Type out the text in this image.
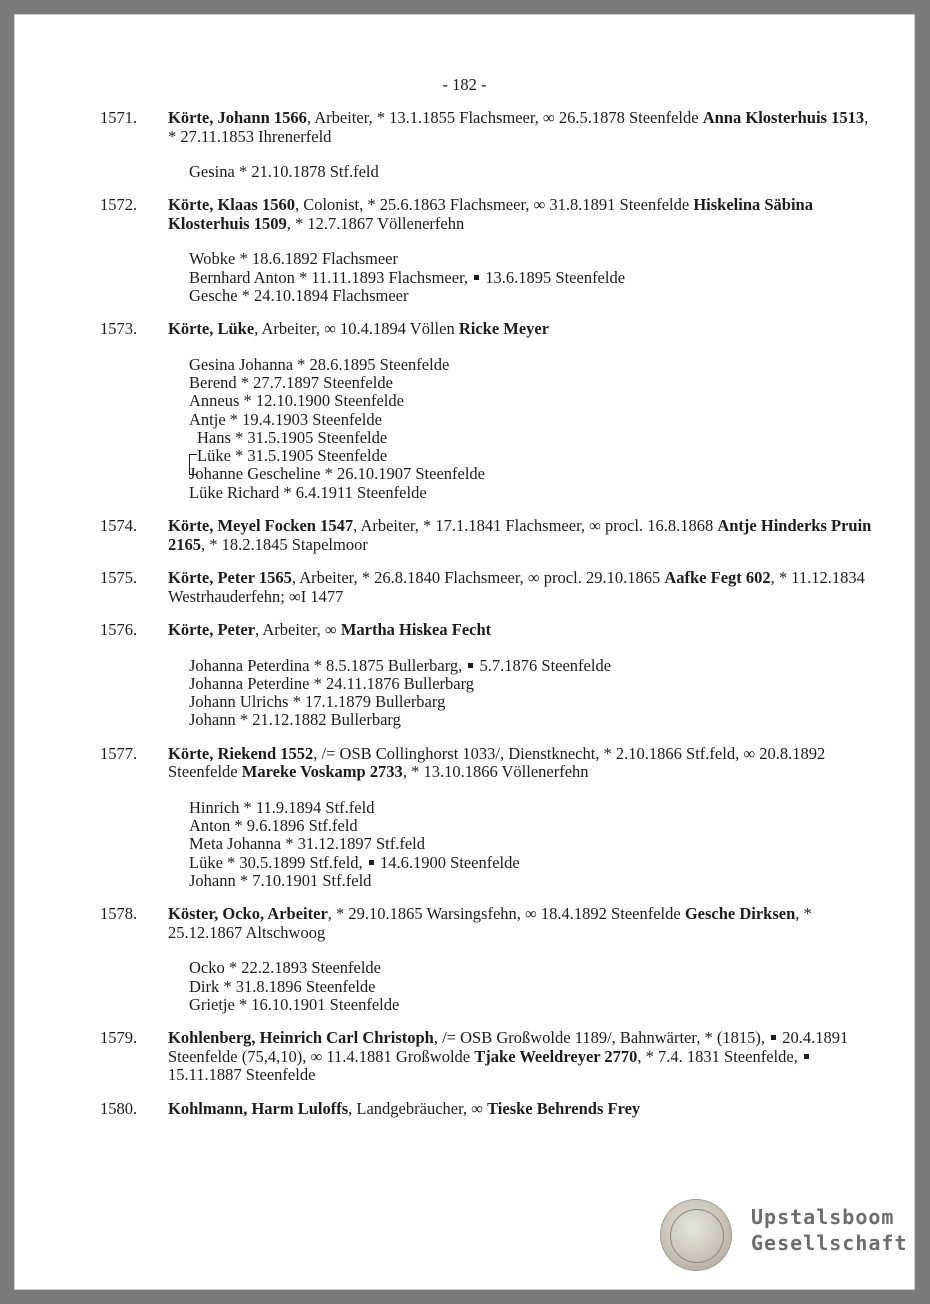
- 182 -
1571.	Körte, Johann 1566, Arbeiter, * 13.1.1855 Flachsmeer, ∞ 26.5.1878 Steenfelde Anna Klosterhuis 1513, * 27.11.1853 Ihrenerfeld
Gesina * 21.10.1878 Stf.feld
1572.	Körte, Klaas 1560, Colonist, * 25.6.1863 Flachsmeer, ∞ 31.8.1891 Steenfelde Hiskelina Säbina Klosterhuis 1509, * 12.7.1867 Völlenerfehn
Wobke * 18.6.1892 Flachsmeer
Bernhard Anton * 11.11.1893 Flachsmeer,  13.6.1895 Steenfelde
Gesche * 24.10.1894 Flachsmeer
1573.	Körte, Lüke, Arbeiter, ∞ 10.4.1894 Völlen Ricke Meyer
Gesina Johanna * 28.6.1895 Steenfelde
Berend * 27.7.1897 Steenfelde
Anneus * 12.10.1900 Steenfelde
Antje * 19.4.1903 Steenfelde
Hans * 31.5.1905 Steenfelde
Lüke * 31.5.1905 Steenfelde
Johanne Gescheline * 26.10.1907 Steenfelde
Lüke Richard * 6.4.1911 Steenfelde
1574.	Körte, Meyel Focken 1547, Arbeiter, * 17.1.1841 Flachsmeer, ∞ procl. 16.8.1868 Antje Hinderks Pruin 2165, * 18.2.1845 Stapelmoor
1575.	Körte, Peter 1565, Arbeiter, * 26.8.1840 Flachsmeer, ∞ procl. 29.10.1865 Aafke Fegt 602, * 11.12.1834 Westrhauderfehn; ∞I 1477
1576.	Körte, Peter, Arbeiter, ∞ Martha Hiskea Fecht
Johanna Peterdina * 8.5.1875 Bullerbarg,  5.7.1876 Steenfelde
Johanna Peterdine * 24.11.1876 Bullerbarg
Johann Ulrichs * 17.1.1879 Bullerbarg
Johann * 21.12.1882 Bullerbarg
1577.	Körte, Riekend 1552, /= OSB Collinghorst 1033/, Dienstknecht, * 2.10.1866 Stf.feld, ∞ 20.8.1892 Steenfelde Mareke Voskamp 2733, * 13.10.1866 Völlenerfehn
Hinrich * 11.9.1894 Stf.feld
Anton * 9.6.1896 Stf.feld
Meta Johanna * 31.12.1897 Stf.feld
Lüke * 30.5.1899 Stf.feld,  14.6.1900 Steenfelde
Johann * 7.10.1901 Stf.feld
1578.	Köster, Ocko, Arbeiter, * 29.10.1865 Warsingsfehn, ∞ 18.4.1892 Steenfelde Gesche Dirksen, * 25.12.1867 Altschwoog
Ocko * 22.2.1893 Steenfelde
Dirk * 31.8.1896 Steenfelde
Grietje * 16.10.1901 Steenfelde
1579.	Kohlenberg, Heinrich Carl Christoph, /= OSB Großwolde 1189/, Bahnwärter, * (1815),  20.4.1891 Steenfelde (75,4,10), ∞ 11.4.1881 Großwolde Tjake Weeldreyer 2770, * 7.4. 1831 Steenfelde,  15.11.1887 Steenfelde
1580.	Kohlmann, Harm Luloffs, Landgebräucher, ∞ Tieske Behrends Frey
Upstalsboom
Gesellschaft
